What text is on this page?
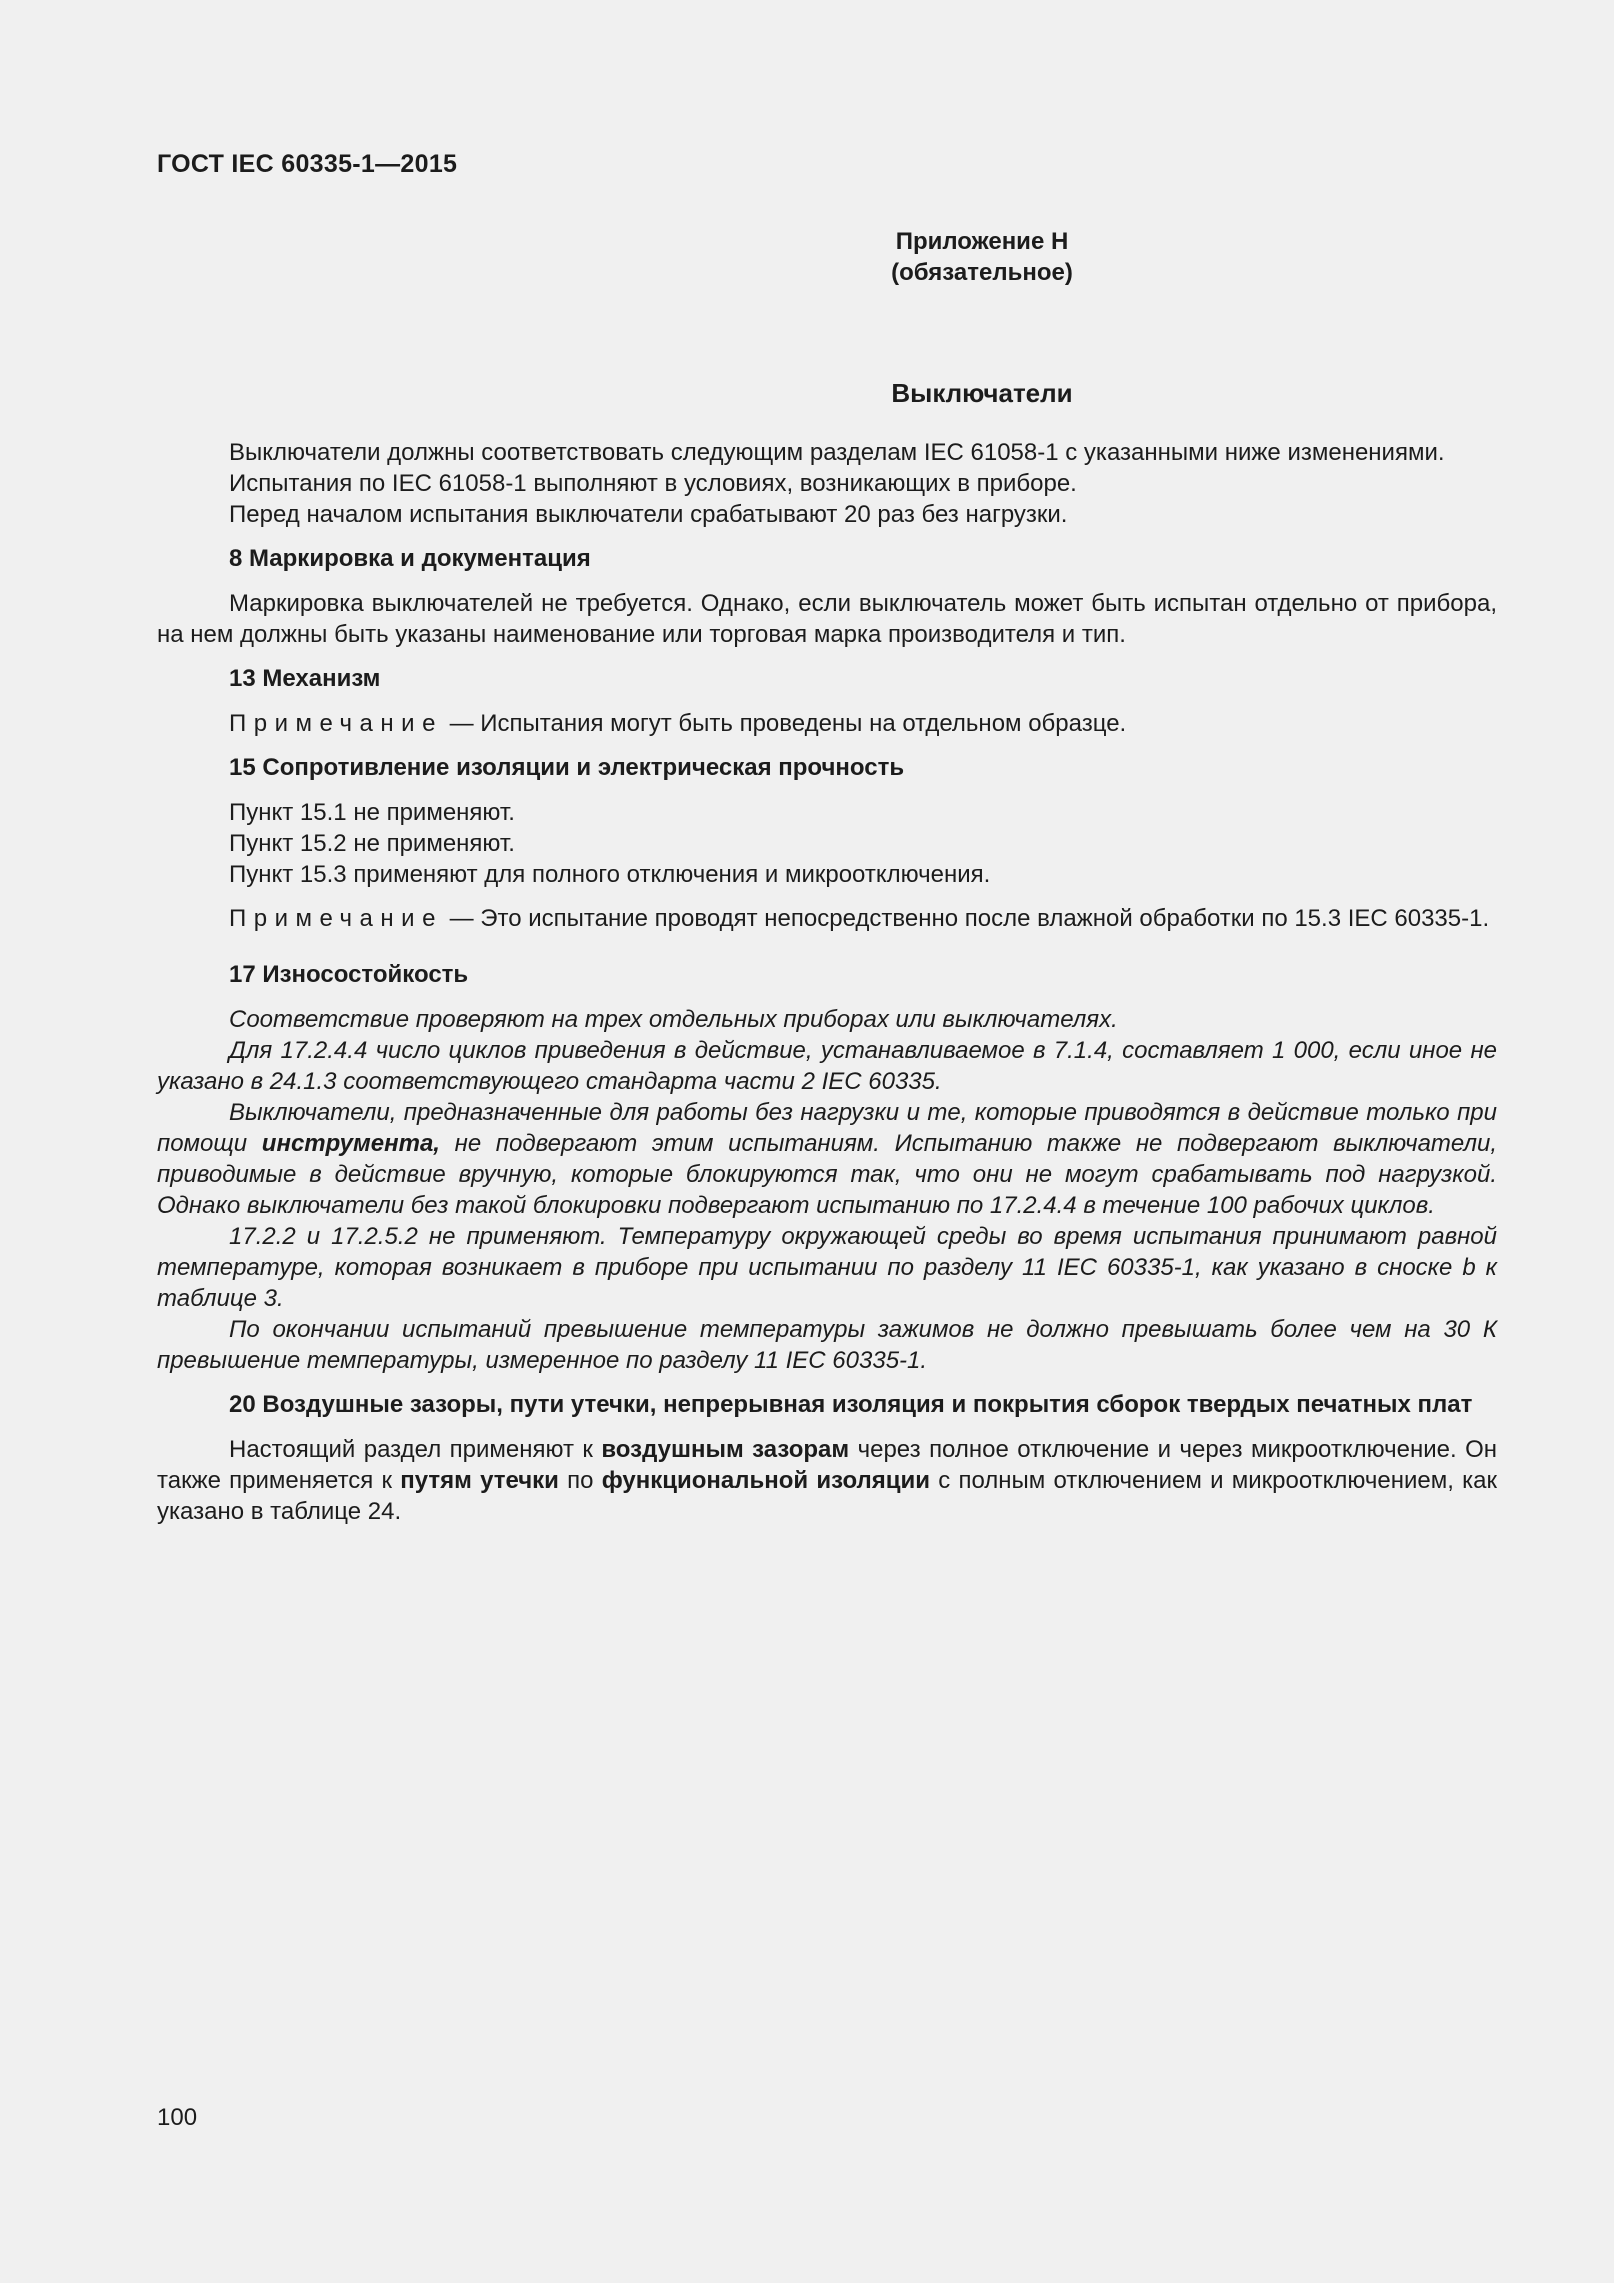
ГОСТ IEC 60335-1—2015
Приложение H
(обязательное)
Выключатели

Выключатели должны соответствовать следующим разделам IEC 61058-1 с указанными ниже изменениями.

Испытания по IEC 61058-1 выполняют в условиях, возникающих в приборе.

Перед началом испытания выключатели срабатывают 20 раз без нагрузки.

8 Маркировка и документация

Маркировка выключателей не требуется. Однако, если выключатель может быть испытан отдельно от прибора, на нем должны быть указаны наименование или торговая марка производителя и тип.

13 Механизм

Примечание — Испытания могут быть проведены на отдельном образце.

15 Сопротивление изоляции и электрическая прочность

Пункт 15.1 не применяют.

Пункт 15.2 не применяют.

Пункт 15.3 применяют для полного отключения и микроотключения.

Примечание — Это испытание проводят непосредственно после влажной обработки по 15.3 IEC 60335-1.

17 Износостойкость

Соответствие проверяют на трех отдельных приборах или выключателях.

Для 17.2.4.4 число циклов приведения в действие, устанавливаемое в 7.1.4, составляет 1 000, если иное не указано в 24.1.3 соответствующего стандарта части 2 IEC 60335.

Выключатели, предназначенные для работы без нагрузки и те, которые приводятся в действие только при помощи инструмента, не подвергают этим испытаниям. Испытанию также не подвергают выключатели, приводимые в действие вручную, которые блокируются так, что они не могут срабатывать под нагрузкой. Однако выключатели без такой блокировки подвергают испытанию по 17.2.4.4 в течение 100 рабочих циклов.

17.2.2 и 17.2.5.2 не применяют. Температуру окружающей среды во время испытания принимают равной температуре, которая возникает в приборе при испытании по разделу 11 IEC 60335-1, как указано в сноске b к таблице 3.

По окончании испытаний превышение температуры зажимов не должно превышать более чем на 30 К превышение температуры, измеренное по разделу 11 IEC 60335-1.

20 Воздушные зазоры, пути утечки, непрерывная изоляция и покрытия сборок твердых печатных плат

Настоящий раздел применяют к воздушным зазорам через полное отключение и через микроотключение. Он также применяется к путям утечки по функциональной изоляции с полным отключением и микроотключением, как указано в таблице 24.

100
